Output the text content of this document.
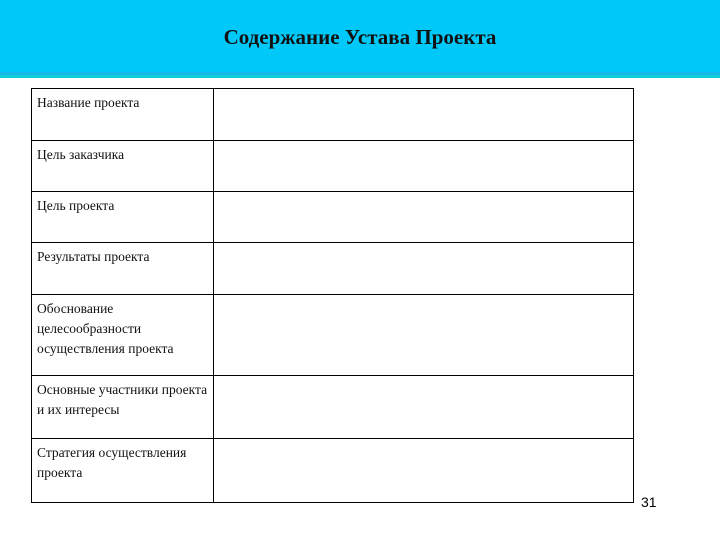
Содержание Устава Проекта
Название проекта	
Цель заказчика	
Цель проекта	
Результаты проекта	
Обоснование целесообразности осуществления проекта	
Основные участники проекта и их интересы	
Стратегия осуществления проекта	
31
